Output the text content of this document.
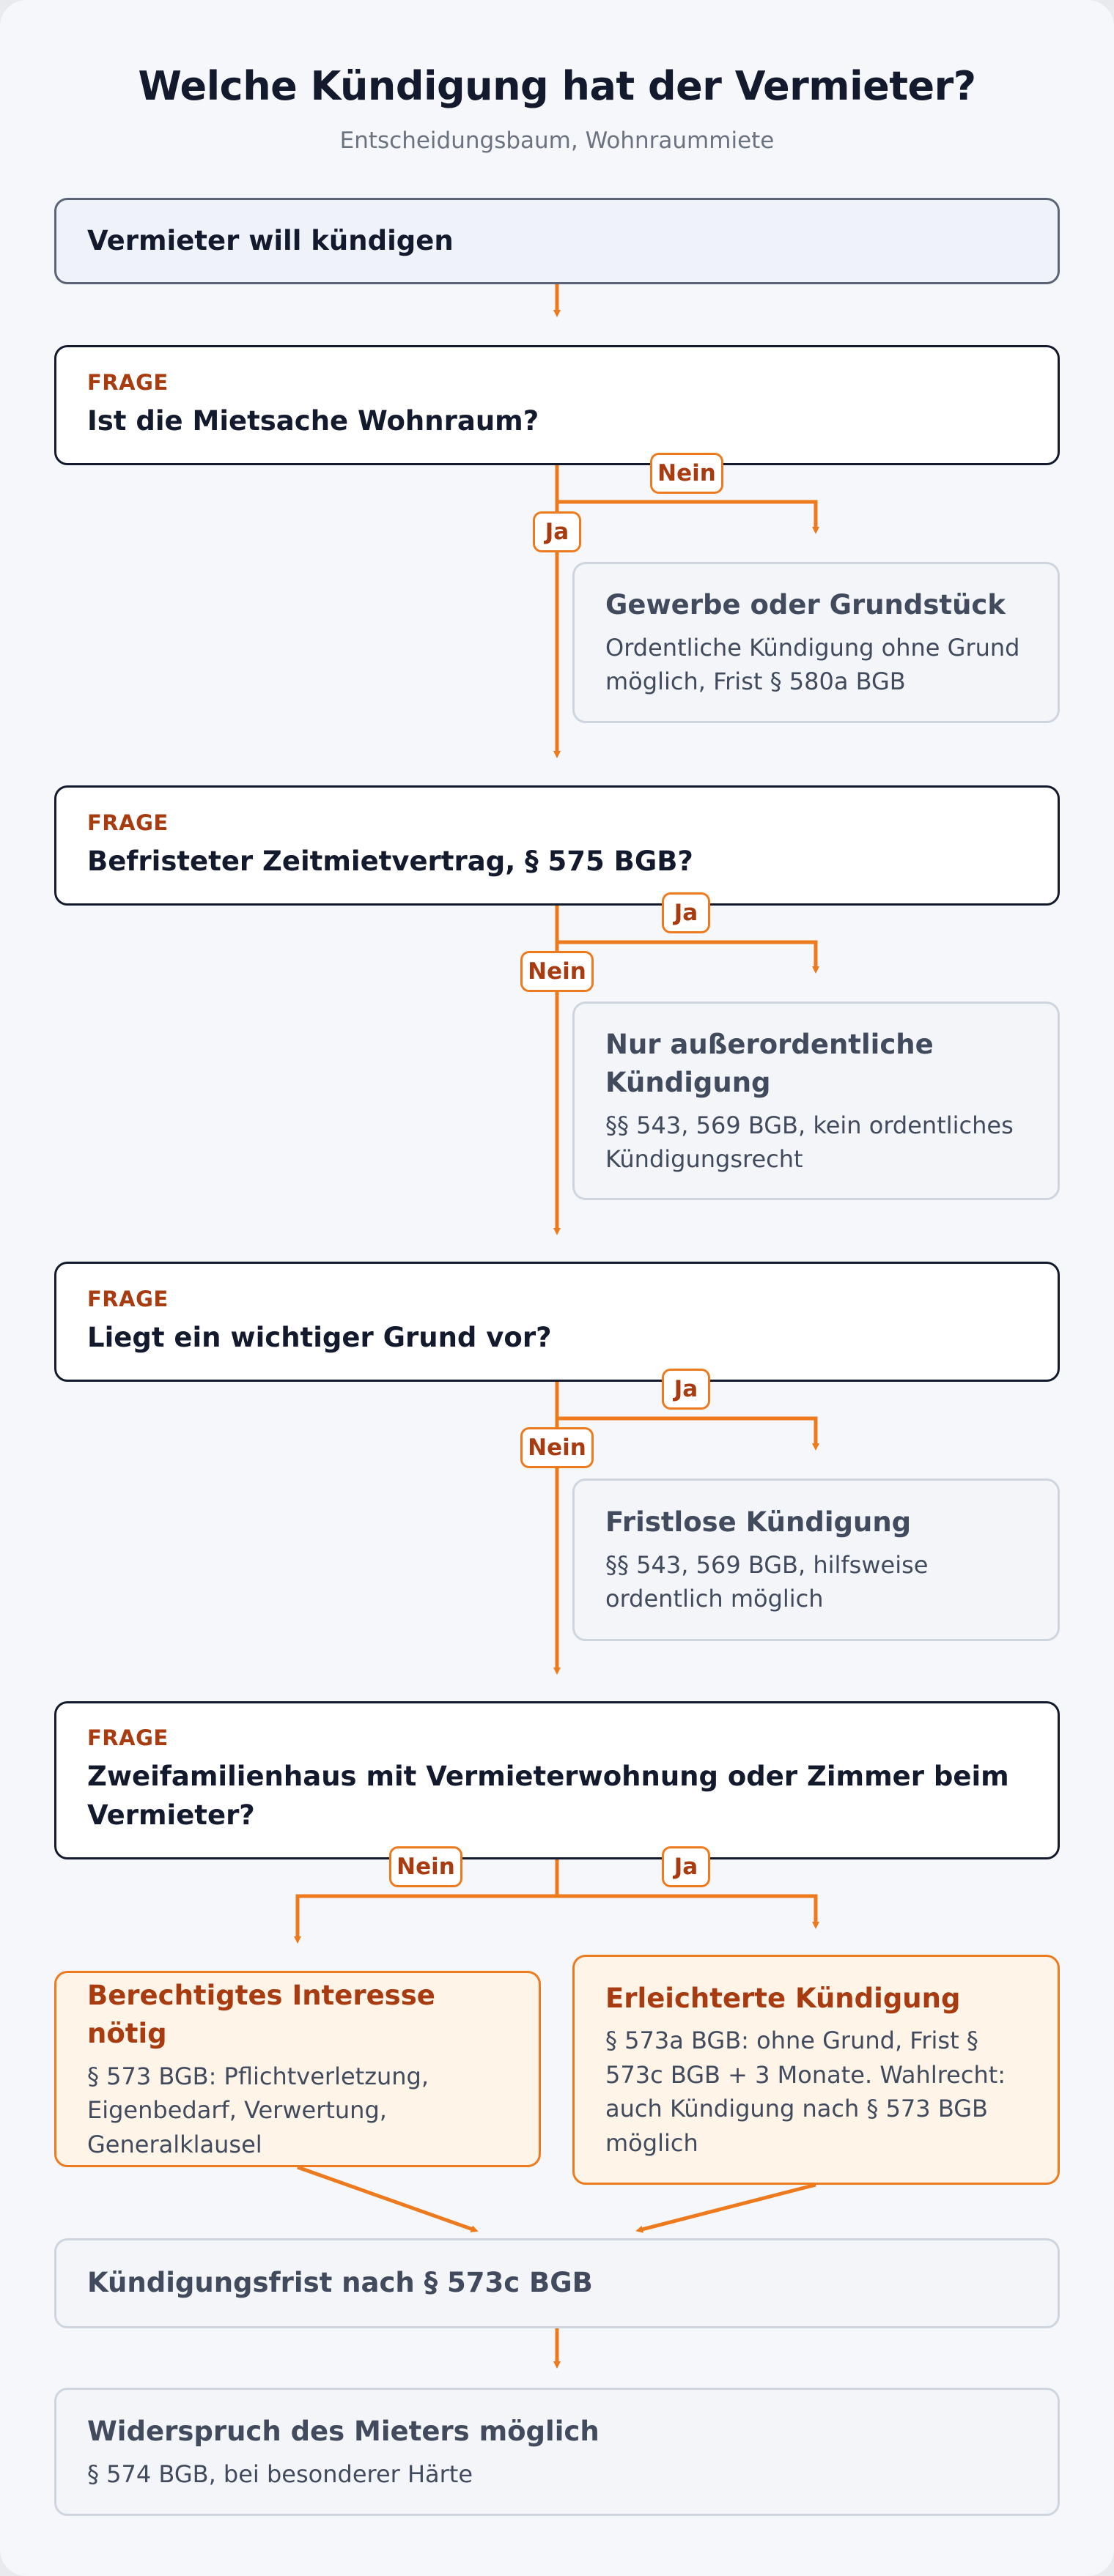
Welche Kündigung hat der Vermieter?
Entscheidungsbaum, Wohnraummiete
Vermieter will kündigen
FRAGE
Ist die Mietsache Wohnraum?
Nein
Ja
Gewerbe oder Grundstück
Ordentliche Kündigung ohne Grund möglich, Frist § 580a BGB
FRAGE
Befristeter Zeitmietvertrag, § 575 BGB?
Ja
Nein
Nur außerordentliche Kündigung
§§ 543, 569 BGB, kein ordentliches Kündigungsrecht
FRAGE
Liegt ein wichtiger Grund vor?
Ja
Nein
Fristlose Kündigung
§§ 543, 569 BGB, hilfsweise ordentlich möglich
FRAGE
Zweifamilienhaus mit Vermieterwohnung oder Zimmer beim Vermieter?
Nein	Ja
Berechtigtes Interesse nötig
§ 573 BGB: Pflichtverletzung, Eigenbedarf, Verwertung, Generalklausel
Erleichterte Kündigung
§ 573a BGB: ohne Grund, Frist § 573c BGB + 3 Monate. Wahlrecht: auch Kündigung nach § 573 BGB möglich
Kündigungsfrist nach § 573c BGB
Widerspruch des Mieters möglich
§ 574 BGB, bei besonderer Härte
